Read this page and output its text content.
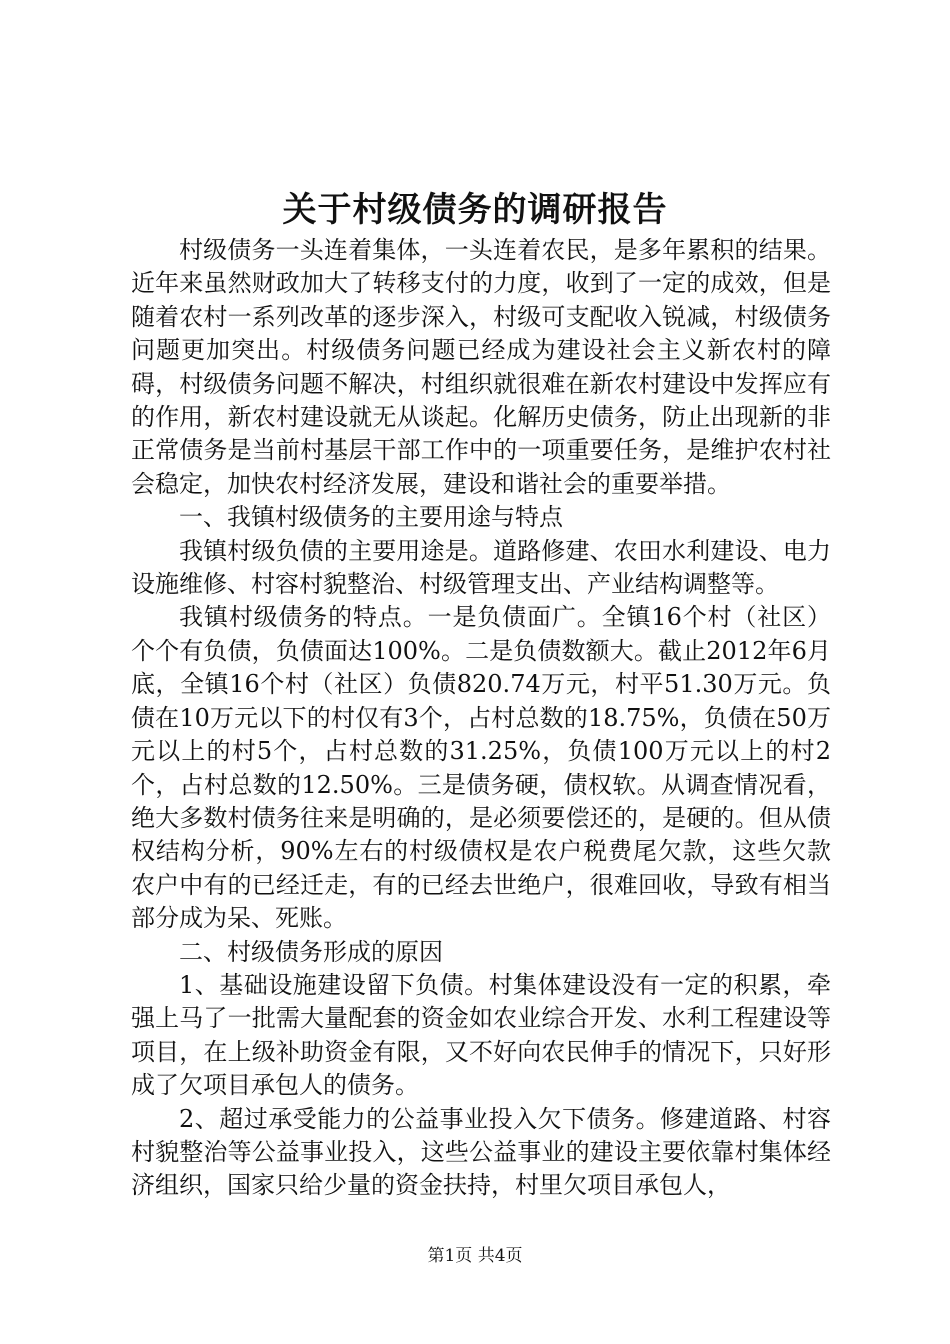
关于村级债务的调研报告

村级债务一头连着集体，一头连着农民，是多年累积的结果。近年来虽然财政加大了转移支付的力度，收到了一定的成效，但是随着农村一系列改革的逐步深入，村级可支配收入锐减，村级债务问题更加突出。村级债务问题已经成为建设社会主义新农村的障碍，村级债务问题不解决，村组织就很难在新农村建设中发挥应有的作用，新农村建设就无从谈起。化解历史债务，防止出现新的非正常债务是当前村基层干部工作中的一项重要任务，是维护农村社会稳定，加快农村经济发展，建设和谐社会的重要举措。

一、我镇村级债务的主要用途与特点

我镇村级负债的主要用途是。道路修建、农田水利建设、电力设施维修、村容村貌整治、村级管理支出、产业结构调整等。

我镇村级债务的特点。一是负债面广。全镇16个村（社区）个个有负债，负债面达100%。二是负债数额大。截止2012年6月底，全镇16个村（社区）负债820.74万元，村平51.30万元。负债在10万元以下的村仅有3个，占村总数的18.75%，负债在50万元以上的村5个，占村总数的31.25%，负债100万元以上的村2个，占村总数的12.50%。三是债务硬，债权软。从调查情况看，绝大多数村债务往来是明确的，是必须要偿还的，是硬的。但从债权结构分析，90%左右的村级债权是农户税费尾欠款，这些欠款农户中有的已经迁走，有的已经去世绝户，很难回收，导致有相当部分成为呆、死账。

二、村级债务形成的原因

1、基础设施建设留下负债。村集体建设没有一定的积累，牵强上马了一批需大量配套的资金如农业综合开发、水利工程建设等项目，在上级补助资金有限，又不好向农民伸手的情况下，只好形成了欠项目承包人的债务。

2、超过承受能力的公益事业投入欠下债务。修建道路、村容村貌整治等公益事业投入，这些公益事业的建设主要依靠村集体经济组织，国家只给少量的资金扶持，村里欠项目承包人，

第1页 共4页
